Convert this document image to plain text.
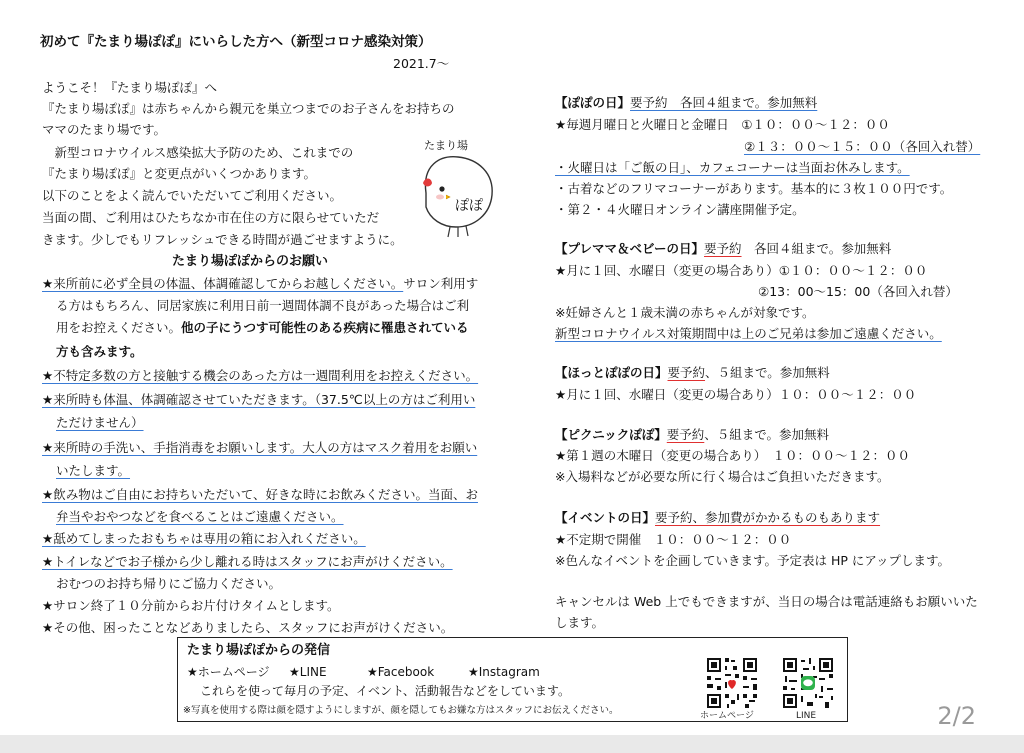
初めて『たまり場ぽぽ』にいらした方へ（新型コロナ感染対策）
2021.7～
ようこそ！『たまり場ぽぽ』へ
『たまり場ぽぽ』は赤ちゃんから親元を巣立つまでのお子さんをお持ちの
ママのたまり場です。
　新型コロナウイルス感染拡大予防のため、これまでの
『たまり場ぽぽ』と変更点がいくつかあります。
以下のことをよく読んでいただいてご利用ください。
当面の間、ご利用はひたちなか市在住の方に限らせていただ
きます。少しでもリフレッシュできる時間が過ごせますように。
たまり場
ぽぽ
たまり場ぽぽからのお願い
★来所前に必ず全員の体温、体調確認してからお越しください。サロン利用す
る方はもちろん、同居家族に利用日前一週間体調不良があった場合はご利
用をお控えください。他の子にうつす可能性のある疾病に罹患されている
方も含みます。
★不特定多数の方と接触する機会のあった方は一週間利用をお控えください。
★来所時も体温、体調確認させていただきます。（37.5℃以上の方はご利用い
ただけません）
★来所時の手洗い、手指消毒をお願いします。大人の方はマスク着用をお願い
いたします。
★飲み物はご自由にお持ちいただいて、好きな時にお飲みください。当面、お
弁当やおやつなどを食べることはご遠慮ください。
★舐めてしまったおもちゃは専用の箱にお入れください。
★トイレなどでお子様から少し離れる時はスタッフにお声がけください。
おむつのお持ち帰りにご協力ください。
★サロン終了１０分前からお片付けタイムとします。
★その他、困ったことなどありましたら、スタッフにお声がけください。
【ぽぽの日】要予約　各回４組まで。参加無料
★毎週月曜日と火曜日と金曜日　①１０：００～１２：００
②１３：００～１５：００（各回入れ替）
・火曜日は「ご飯の日」、カフェコーナーは当面お休みします。
・古着などのフリマコーナーがあります。基本的に３枚１００円です。
・第２・４火曜日オンライン講座開催予定。
【プレママ＆ベビーの日】要予約　各回４組まで。参加無料
★月に１回、水曜日（変更の場合あり）①１０：００～１２：００
②13：00～15：00（各回入れ替）
※妊婦さんと１歳未満の赤ちゃんが対象です。
新型コロナウイルス対策期間中は上のご兄弟は参加ご遠慮ください。
【ほっとぽぽの日】要予約、５組まで。参加無料
★月に１回、水曜日（変更の場合あり）１０：００～１２：００
【ピクニックぽぽ】要予約、５組まで。参加無料
★第１週の木曜日（変更の場合あり）　１０：００～１２：００
※入場料などが必要な所に行く場合はご負担いただきます。
【イベントの日】要予約、参加費がかかるものもあります
★不定期で開催　１０：００～１２：００
※色んなイベントを企画していきます。予定表は HP にアップします。
キャンセルは Web 上でもできますが、当日の場合は電話連絡もお願いいた
します。
たまり場ぽぽからの発信
★ホームページ ★LINE	★Facebook	★Instagram
これらを使って毎月の予定、イベント、活動報告などをしています。
※写真を使用する際は顔を隠すようにしますが、顔を隠してもお嫌な方はスタッフにお伝えください。	ホームページ	LINE	2/2
